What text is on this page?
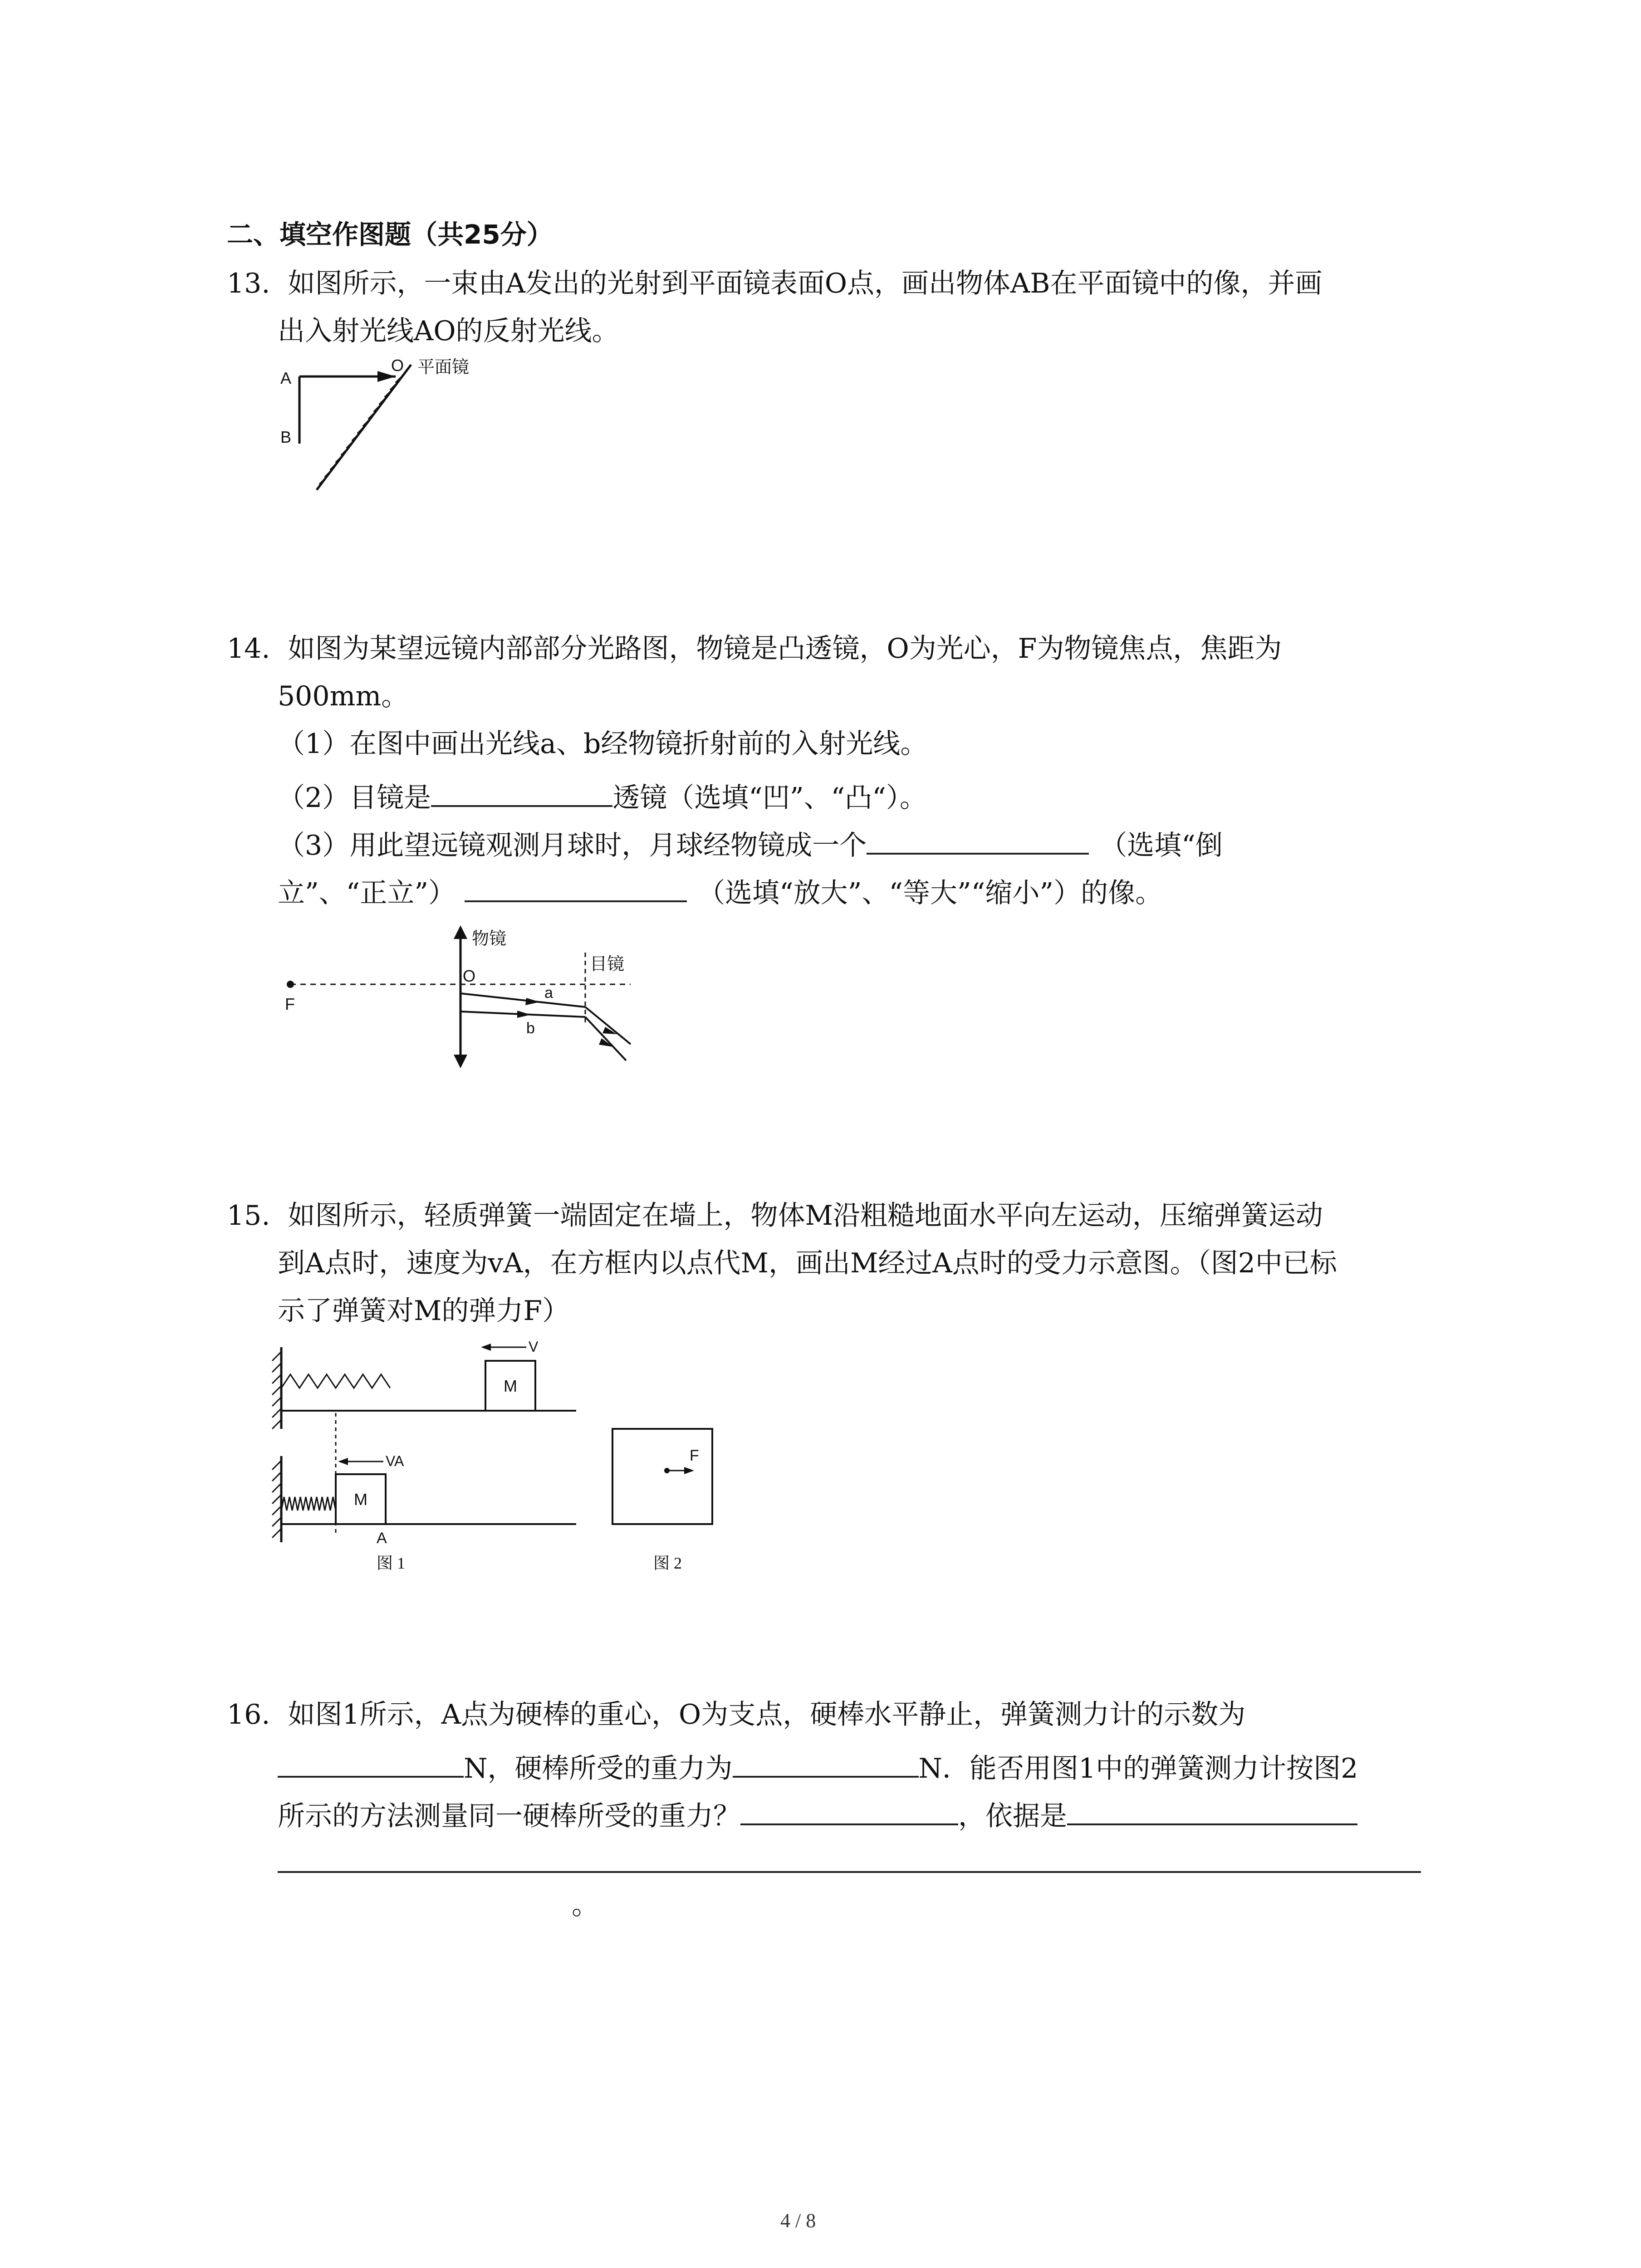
二、填空作图题（共25分）
13. 如图所示，一束由A发出的光射到平面镜表面O点，画出物体AB在平面镜中的像，并画
出入射光线AO的反射光线。
A
B
O 平面镜
14. 如图为某望远镜内部部分光路图，物镜是凸透镜，O为光心，F为物镜焦点，焦距为
500mm。
（1）在图中画出光线a、b经物镜折射前的入射光线。
（2）目镜是	透镜（选填“凹”、“凸“）。
（3）用此望远镜观测月球时，月球经物镜成一个	（选填“倒
立”、“正立”）	（选填“放大”、“等大”“缩小”）的像。
F
物镜
O
目镜
a
b
15. 如图所示，轻质弹簧一端固定在墙上，物体M沿粗糙地面水平向左运动，压缩弹簧运动
到A点时，速度为vA，在方框内以点代M，画出M经过A点时的受力示意图。（图2中已标
示了弹簧对M的弹力F）
M
V
M
VA
A
图 1
F
图 2
16. 如图1所示，A点为硬棒的重心，O为支点，硬棒水平静止，弹簧测力计的示数为
N，硬棒所受的重力为	N．能否用图1中的弹簧测力计按图2
所示的方法测量同一硬棒所受的重力？	，依据是
。
4 / 8
